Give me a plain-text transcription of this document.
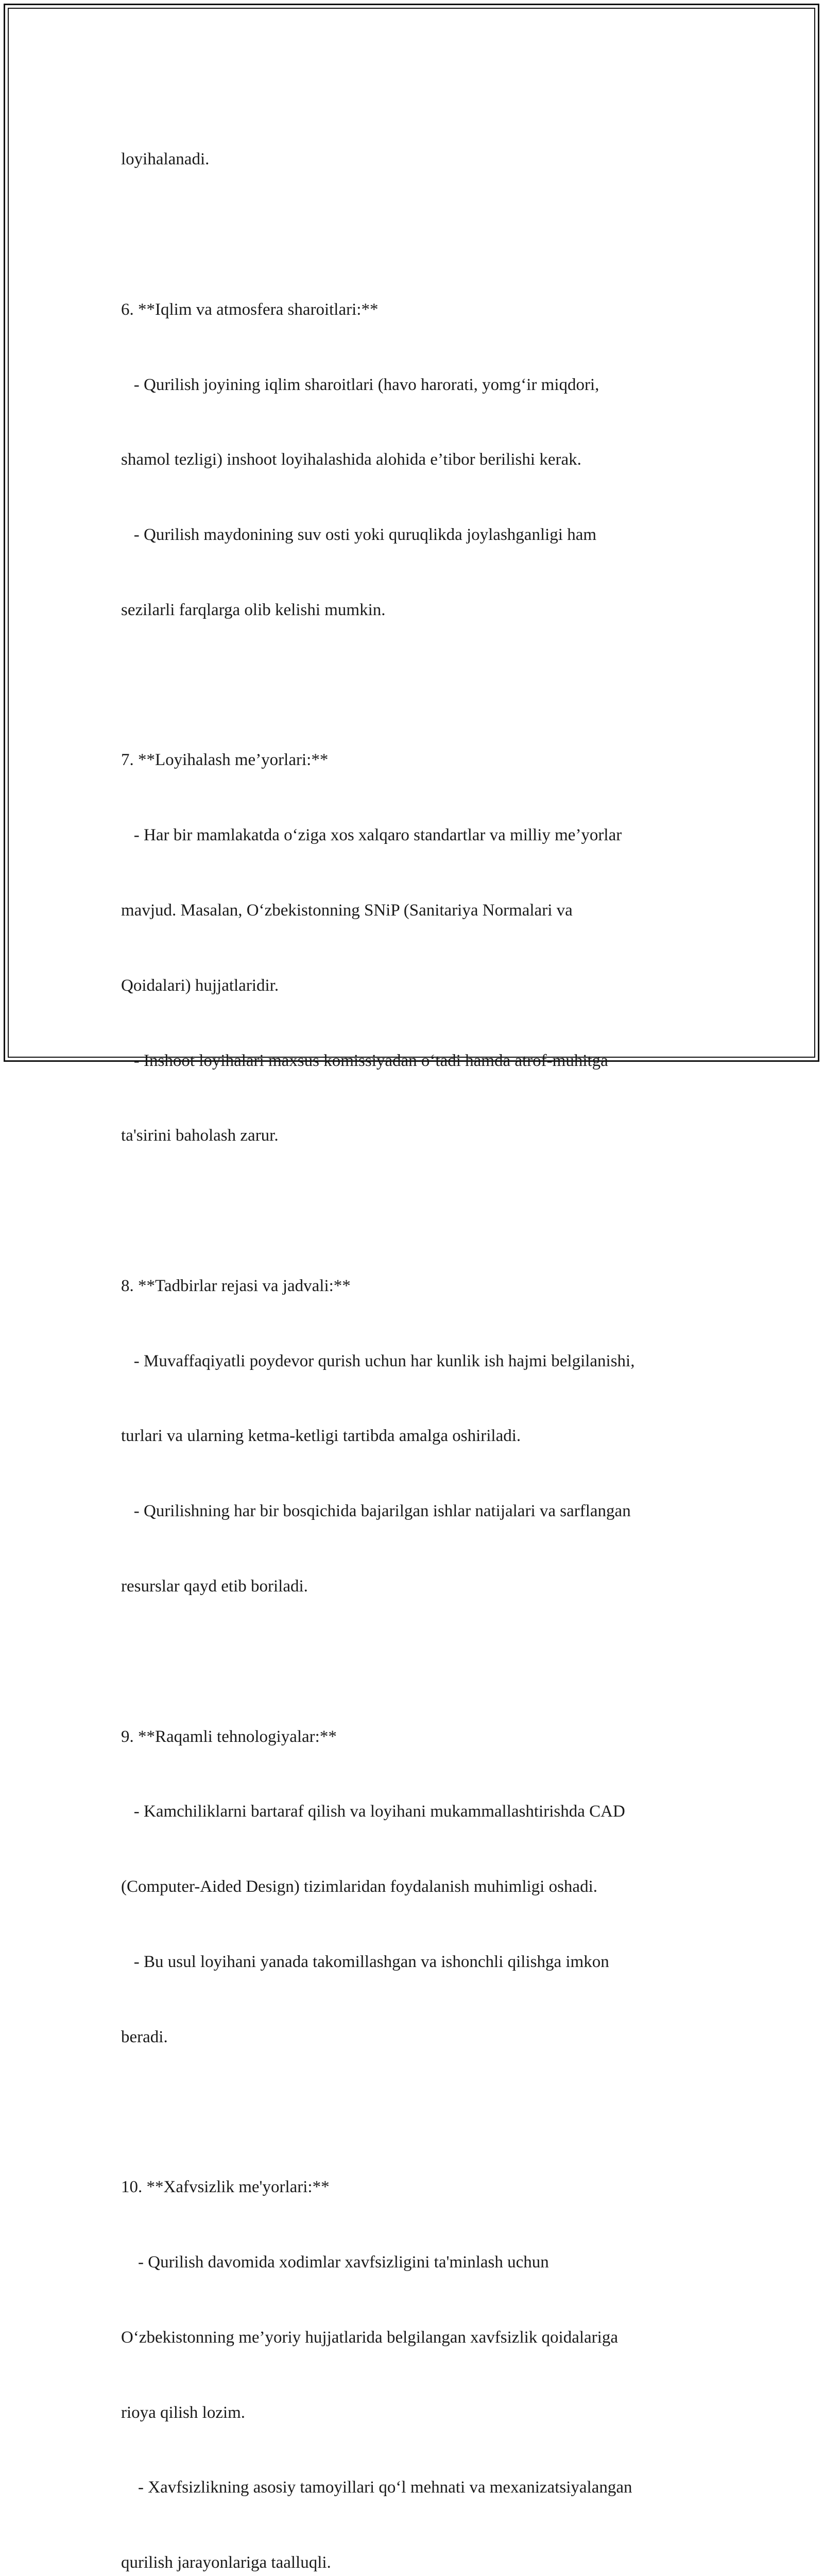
loyihalanadi.

6. **Iqlim va atmosfera sharoitlari:**

- Qurilish joyining iqlim sharoitlari (havo harorati, yomg‘ir miqdori,

shamol tezligi) inshoot loyihalashida alohida e’tibor berilishi kerak.

- Qurilish maydonining suv osti yoki quruqlikda joylashganligi ham

sezilarli farqlarga olib kelishi mumkin.

7. **Loyihalash me’yorlari:**

- Har bir mamlakatda o‘ziga xos xalqaro standartlar va milliy me’yorlar

mavjud. Masalan, O‘zbekistonning SNiP (Sanitariya Normalari va

Qoidalari) hujjatlaridir.

- Inshoot loyihalari maxsus komissiyadan o‘tadi hamda atrof-muhitga

ta'sirini baholash zarur.

8. **Tadbirlar rejasi va jadvali:**

- Muvaffaqiyatli poydevor qurish uchun har kunlik ish hajmi belgilanishi,

turlari va ularning ketma-ketligi tartibda amalga oshiriladi.

- Qurilishning har bir bosqichida bajarilgan ishlar natijalari va sarflangan

resurslar qayd etib boriladi.

9. **Raqamli tehnologiyalar:**

- Kamchiliklarni bartaraf qilish va loyihani mukammallashtirishda CAD

(Computer-Aided Design) tizimlaridan foydalanish muhimligi oshadi.

- Bu usul loyihani yanada takomillashgan va ishonchli qilishga imkon

beradi.

10. **Xafvsizlik me'yorlari:**

- Qurilish davomida xodimlar xavfsizligini ta'minlash uchun

O‘zbekistonning me’yoriy hujjatlarida belgilangan xavfsizlik qoidalariga

rioya qilish lozim.

- Xavfsizlikning asosiy tamoyillari qo‘l mehnati va mexanizatsiyalangan

qurilish jarayonlariga taalluqli.
